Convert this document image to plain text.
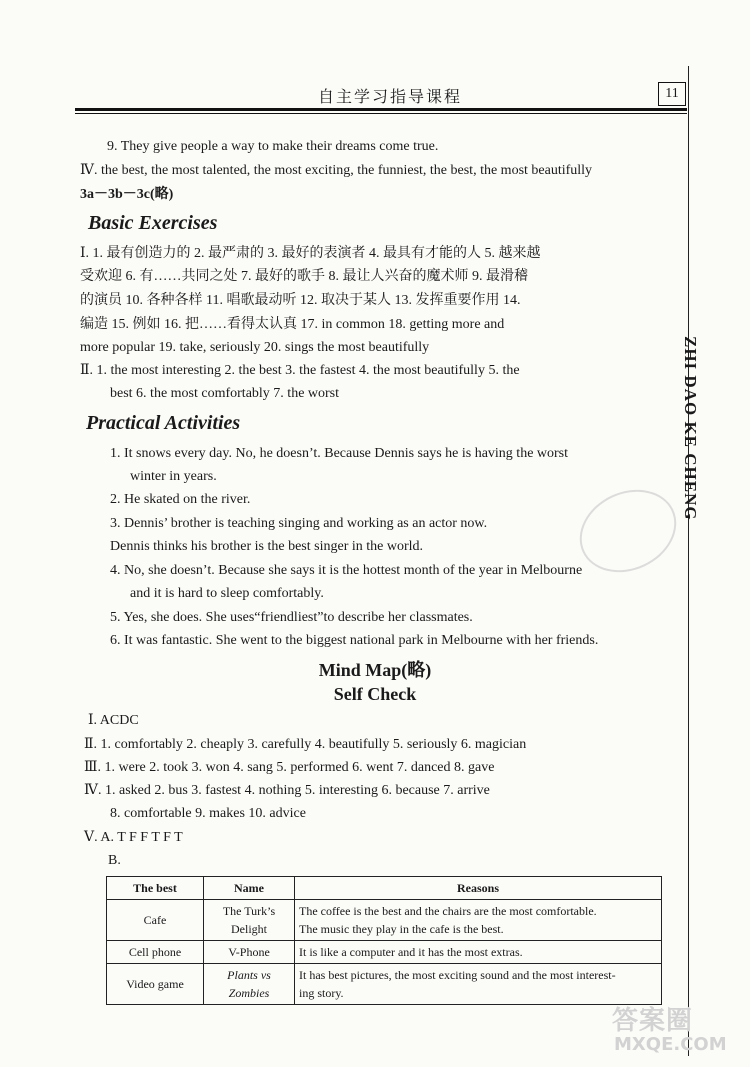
自主学习指导课程	11
ZHI DAO KE CHENG
9. They give people a way to make their dreams come true.
Ⅳ. the best, the most talented, the most exciting, the funniest, the best, the most beautifully
3a－3b－3c(略)
Basic Exercises
Ⅰ. 1. 最有创造力的 2. 最严肃的 3. 最好的表演者 4. 最具有才能的人 5. 越来越
受欢迎 6. 有……共同之处 7. 最好的歌手 8. 最让人兴奋的魔术师 9. 最滑稽
的演员 10. 各种各样 11. 唱歌最动听 12. 取决于某人 13. 发挥重要作用 14.
编造 15. 例如 16. 把……看得太认真 17. in common 18. getting more and
more popular 19. take, seriously 20. sings the most beautifully
Ⅱ. 1. the most interesting 2. the best 3. the fastest 4. the most beautifully 5. the
best 6. the most comfortably 7. the worst
Practical Activities
1. It snows every day. No, he doesn’t. Because Dennis says he is having the worst
winter in years.
2. He skated on the river.
3. Dennis’ brother is teaching singing and working as an actor now.
Dennis thinks his brother is the best singer in the world.
4. No, she doesn’t. Because she says it is the hottest month of the year in Melbourne
and it is hard to sleep comfortably.
5. Yes, she does. She uses“friendliest”to describe her classmates.
6. It was fantastic. She went to the biggest national park in Melbourne with her friends.
Mind Map(略)
Self Check
Ⅰ. ACDC
Ⅱ. 1. comfortably 2. cheaply 3. carefully 4. beautifully 5. seriously 6. magician
Ⅲ. 1. were 2. took 3. won 4. sang 5. performed 6. went 7. danced 8. gave
Ⅳ. 1. asked 2. bus 3. fastest 4. nothing 5. interesting 6. because 7. arrive
8. comfortable 9. makes 10. advice
Ⅴ. A. T F F T F T
B.
The best	Name	Reasons
Cafe	The Turk’s Delight	The coffee is the best and the chairs are the most comfortable.
The music they play in the cafe is the best.

Cell phone	V-Phone	It is like a computer and it has the most extras.

Video game	Plants vs Zombies	It has best pictures, the most exciting sound and the most interest-
ing story.
答案圈
MXQE.COM
